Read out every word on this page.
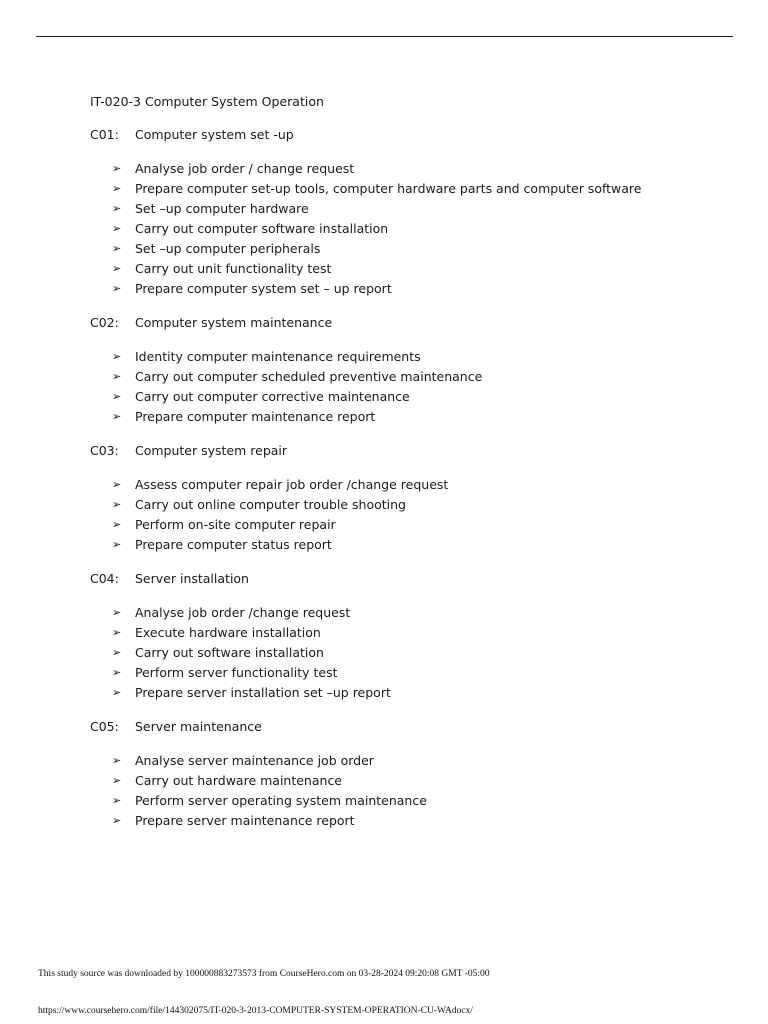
IT-020-3 Computer System Operation
C01: Computer system set -up
➢ Analyse job order / change request
➢ Prepare computer set-up tools, computer hardware parts and computer software
➢ Set –up computer hardware
➢ Carry out computer software installation
➢ Set –up computer peripherals
➢ Carry out unit functionality test
➢ Prepare computer system set – up report
C02: Computer system maintenance
➢ Identity computer maintenance requirements
➢ Carry out computer scheduled preventive maintenance
➢ Carry out computer corrective maintenance
➢ Prepare computer maintenance report
C03: Computer system repair
➢ Assess computer repair job order /change request
➢ Carry out online computer trouble shooting
➢ Perform on-site computer repair
➢ Prepare computer status report
C04: Server installation
➢ Analyse job order /change request
➢ Execute hardware installation
➢ Carry out software installation
➢ Perform server functionality test
➢ Prepare server installation set –up report
C05: Server maintenance
➢ Analyse server maintenance job order
➢ Carry out hardware maintenance
➢ Perform server operating system maintenance
➢ Prepare server maintenance report
This study source was downloaded by 100000883273573 from CourseHero.com on 03-28-2024 09:20:08 GMT -05:00
https://www.coursehero.com/file/144302075/IT-020-3-2013-COMPUTER-SYSTEM-OPERATION-CU-WAdocx/
